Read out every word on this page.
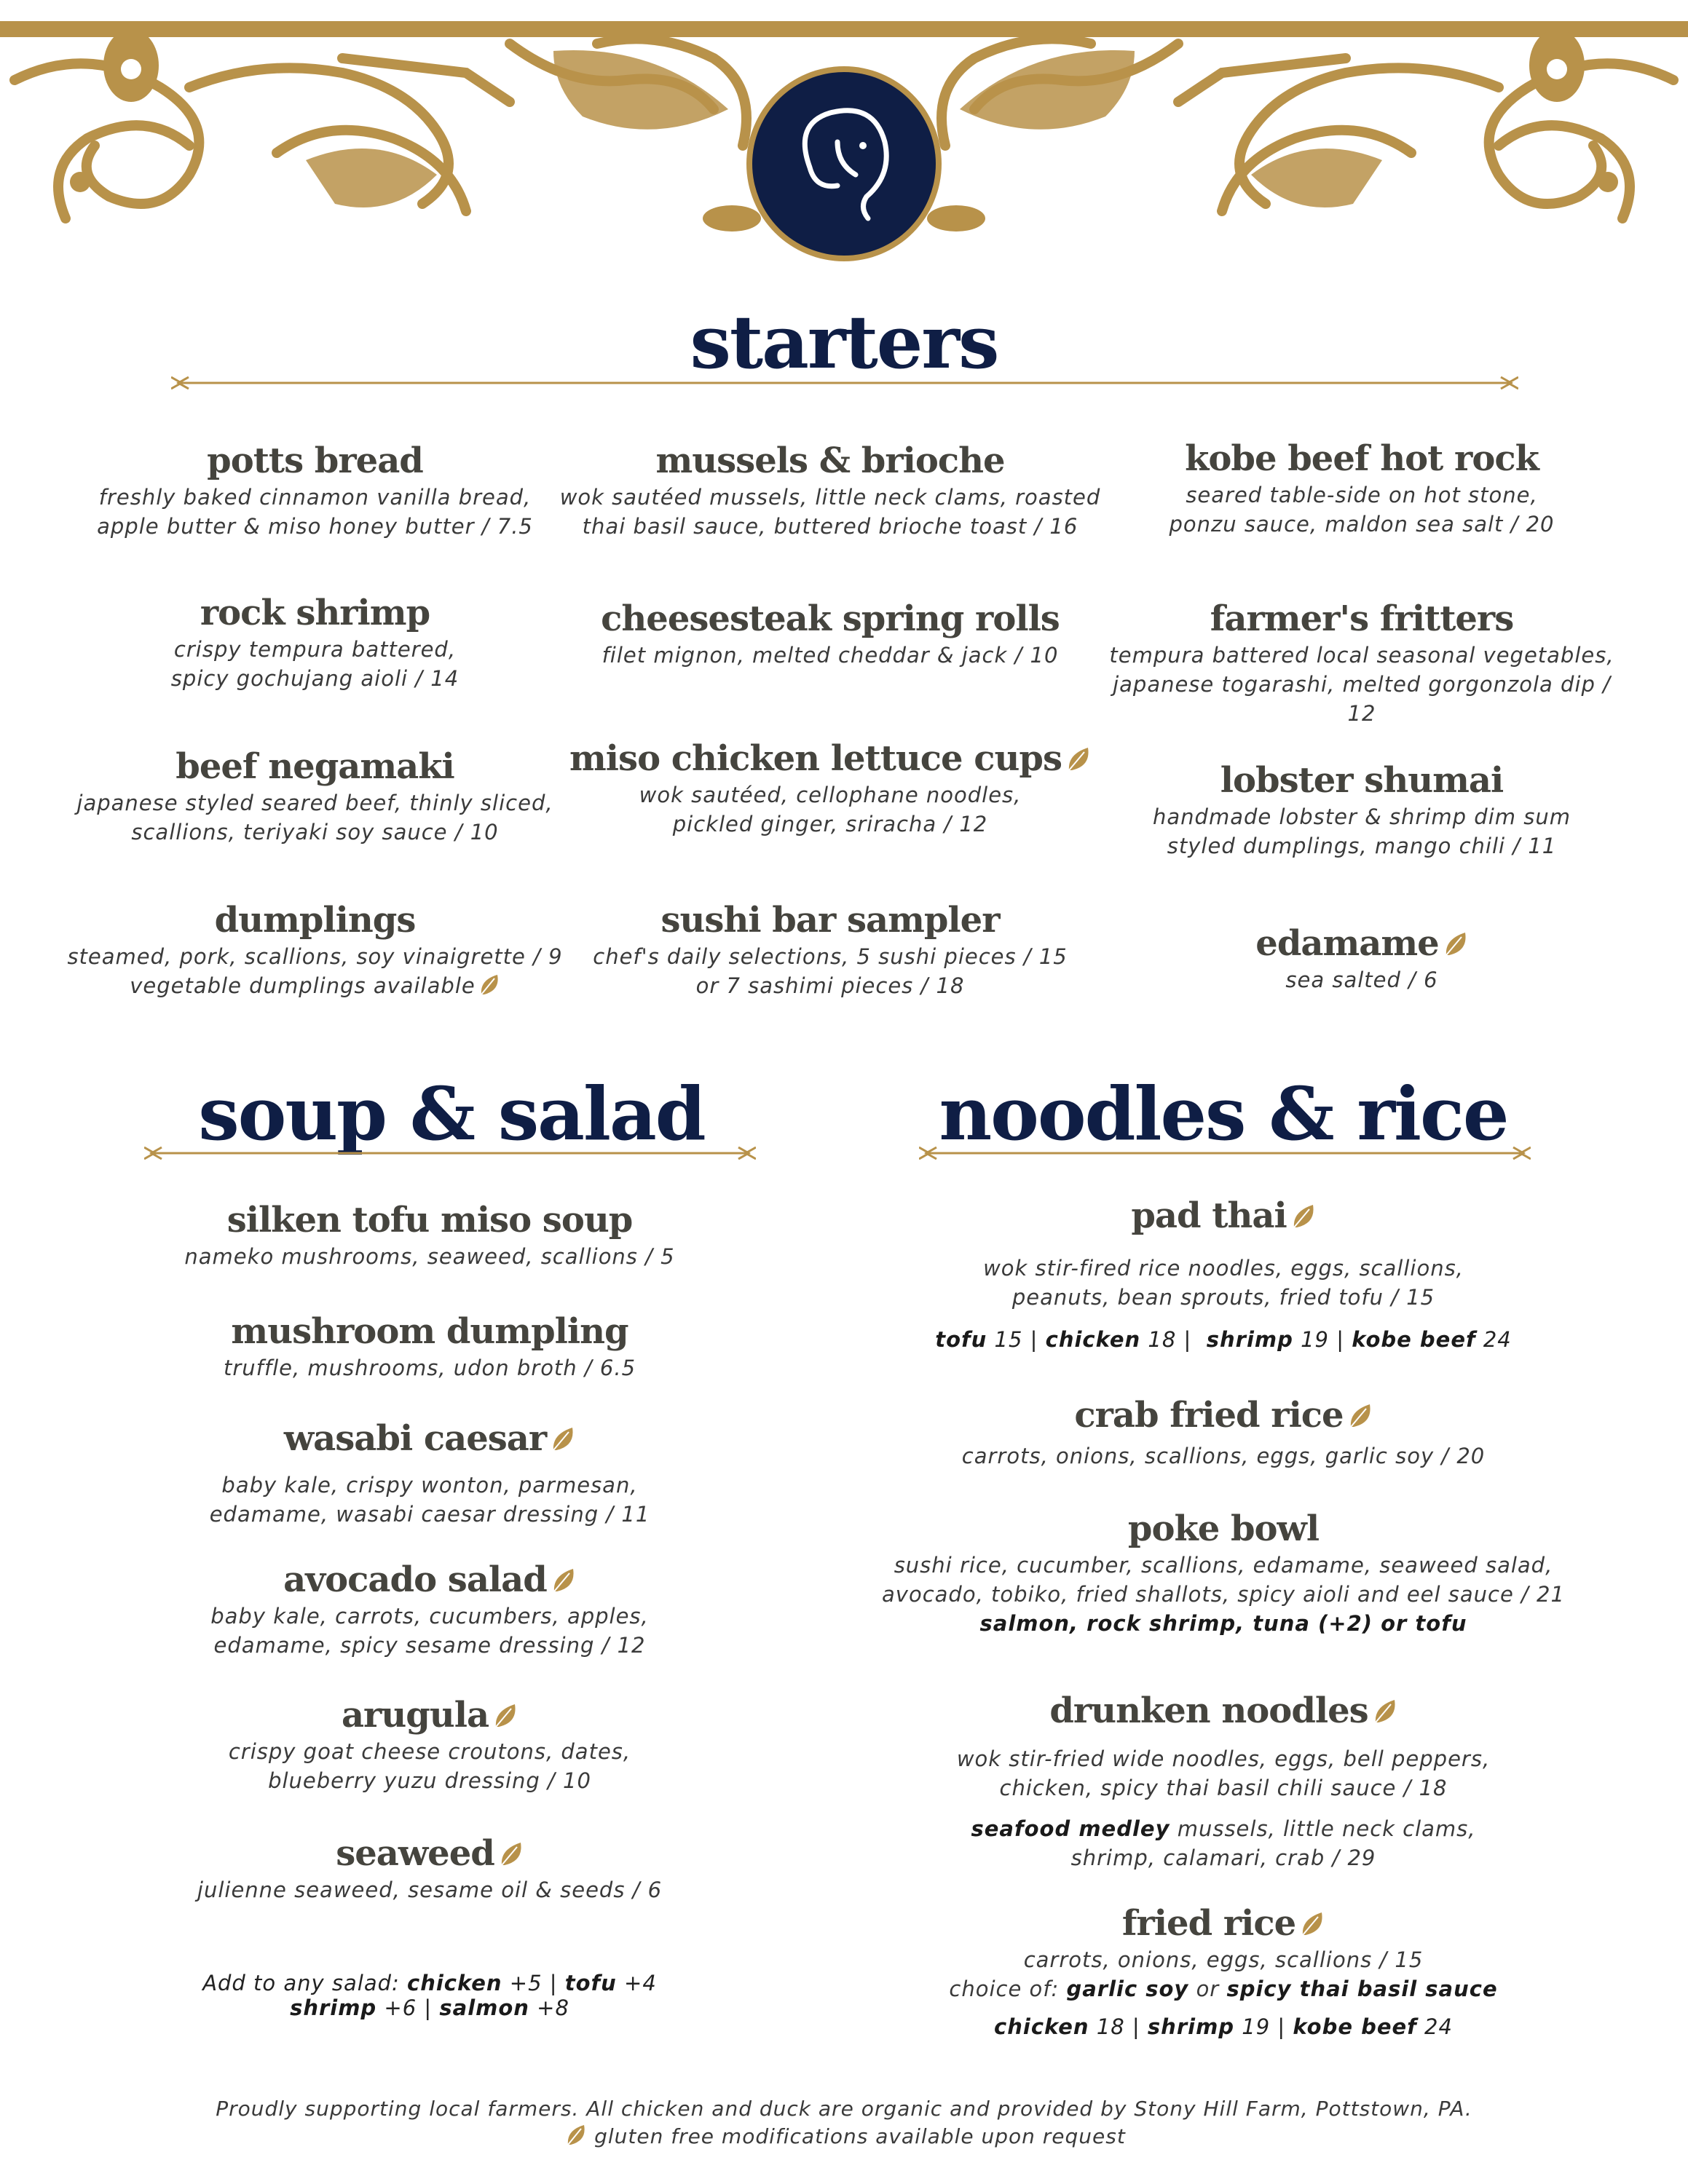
starters
potts bread
freshly baked cinnamon vanilla bread,
apple butter & miso honey butter / 7.5
rock shrimp
crispy tempura battered,
spicy gochujang aioli / 14
beef negamaki
japanese styled seared beef, thinly sliced,
scallions, teriyaki soy sauce / 10
dumplings
steamed, pork, scallions, soy vinaigrette / 9
vegetable dumplings available
mussels & brioche
wok sautéed mussels, little neck clams, roasted
thai basil sauce, buttered brioche toast / 16
cheesesteak spring rolls
filet mignon, melted cheddar & jack / 10
miso chicken lettuce cups
wok sautéed, cellophane noodles,
pickled ginger, sriracha / 12
sushi bar sampler
chef's daily selections, 5 sushi pieces / 15
or 7 sashimi pieces / 18
kobe beef hot rock
seared table-side on hot stone,
ponzu sauce, maldon sea salt / 20
farmer's fritters
tempura battered local seasonal vegetables,
japanese togarashi, melted gorgonzola dip / 12
lobster shumai
handmade lobster & shrimp dim sum
styled dumplings, mango chili / 11
edamame
sea salted / 6
soup & salad
silken tofu miso soup
nameko mushrooms, seaweed, scallions / 5
mushroom dumpling
truffle, mushrooms, udon broth / 6.5
wasabi caesar
baby kale, crispy wonton, parmesan,
edamame, wasabi caesar dressing / 11
avocado salad
baby kale, carrots, cucumbers, apples,
edamame, spicy sesame dressing / 12
arugula
crispy goat cheese croutons, dates,
blueberry yuzu dressing / 10
seaweed
julienne seaweed, sesame oil & seeds / 6
Add to any salad: chicken +5 | tofu +4
shrimp +6 | salmon +8
noodles & rice
pad thai
wok stir-fired rice noodles, eggs, scallions,
peanuts, bean sprouts, fried tofu / 15
tofu 15 | chicken 18 | shrimp 19 | kobe beef 24
crab fried rice
carrots, onions, scallions, eggs, garlic soy / 20
poke bowl
sushi rice, cucumber, scallions, edamame, seaweed salad,
avocado, tobiko, fried shallots, spicy aioli and eel sauce / 21
salmon, rock shrimp, tuna (+2) or tofu
drunken noodles
wok stir-fried wide noodles, eggs, bell peppers,
chicken, spicy thai basil chili sauce / 18
seafood medley mussels, little neck clams,
shrimp, calamari, crab / 29
fried rice
carrots, onions, eggs, scallions / 15
choice of: garlic soy or spicy thai basil sauce
chicken 18 | shrimp 19 | kobe beef 24
Proudly supporting local farmers. All chicken and duck are organic and provided by Stony Hill Farm, Pottstown, PA.
gluten free modifications available upon request
